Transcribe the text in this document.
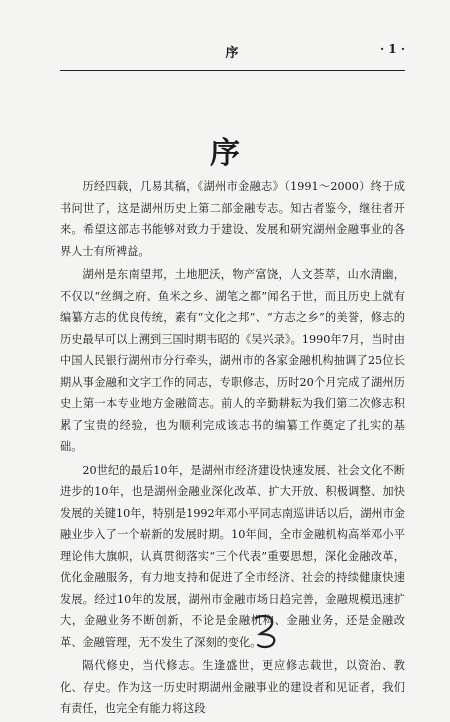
序	· 1 ·
序

历经四载，几易其稿，《湖州市金融志》（1991～2000）终于成书问世了，这是湖州历史上第二部金融专志。知古者鉴今，继往者开来。希望这部志书能够对致力于建设、发展和研究湖州金融事业的各界人士有所裨益。

湖州是东南望邦，土地肥沃，物产富饶，人文荟萃，山水清幽，不仅以“丝绸之府、鱼米之乡、湖笔之都”闻名于世，而且历史上就有编纂方志的优良传统，素有“文化之邦”、“方志之乡”的美誉，修志的历史最早可以上溯到三国时期韦昭的《吴兴录》。1990年7月，当时由中国人民银行湖州市分行牵头，湖州市的各家金融机构抽调了25位长期从事金融和文字工作的同志，专职修志，历时20个月完成了湖州历史上第一本专业地方金融简志。前人的辛勤耕耘为我们第二次修志积累了宝贵的经验，也为顺利完成该志书的编纂工作奠定了扎实的基础。

20世纪的最后10年，是湖州市经济建设快速发展、社会文化不断进步的10年，也是湖州金融业深化改革、扩大开放、积极调整、加快发展的关键10年，特别是1992年邓小平同志南巡讲话以后，湖州市金融业步入了一个崭新的发展时期。10年间，全市金融机构高举邓小平理论伟大旗帜，认真贯彻落实“三个代表”重要思想，深化金融改革，优化金融服务，有力地支持和促进了全市经济、社会的持续健康快速发展。经过10年的发展，湖州市金融市场日趋完善，金融规模迅速扩大，金融业务不断创新，不论是金融机构、金融业务，还是金融改革、金融管理，无不发生了深刻的变化。

隔代修史，当代修志。生逢盛世，更应修志载世，以资治、教化、存史。作为这一历史时期湖州金融事业的建设者和见证者，我们有责任，也完全有能力将这段
